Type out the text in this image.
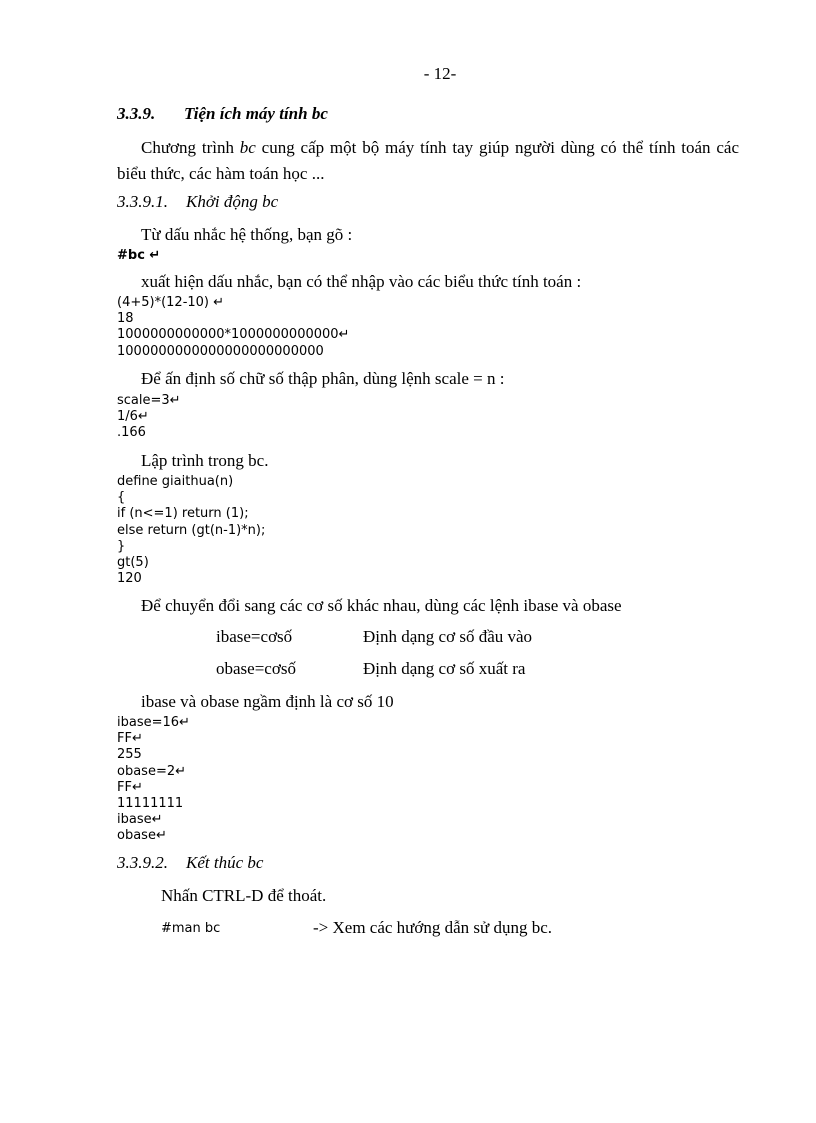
- 12-
3.3.9. Tiện ích máy tính bc
Chương trình bc cung cấp một bộ máy tính tay giúp người dùng có thể tính toán các biểu thức, các hàm toán học ...
3.3.9.1. Khởi động bc
Từ dấu nhắc hệ thống, bạn gõ :
#bc ↵
xuất hiện dấu nhắc, bạn có thể nhập vào các biểu thức tính toán :
(4+5)*(12-10) ↵
18
1000000000000*1000000000000↵
1000000000000000000000000
Để ấn định số chữ số thập phân, dùng lệnh scale = n :
scale=3↵
1/6↵
.166
Lập trình trong bc.
define giaithua(n)
{
if (n<=1) return (1);
else return (gt(n-1)*n);
}
gt(5)
120
Để chuyển đổi sang các cơ số khác nhau, dùng các lệnh ibase và obase
ibase=cơsố	Định dạng cơ số đầu vào
obase=cơsố	Định dạng cơ số xuất ra
ibase và obase ngầm định là cơ số 10
ibase=16↵
FF↵
255
obase=2↵
FF↵
11111111
ibase↵
obase↵
3.3.9.2. Kết thúc bc
Nhấn CTRL-D để thoát.
#man bc	-> Xem các hướng dẫn sử dụng bc.
